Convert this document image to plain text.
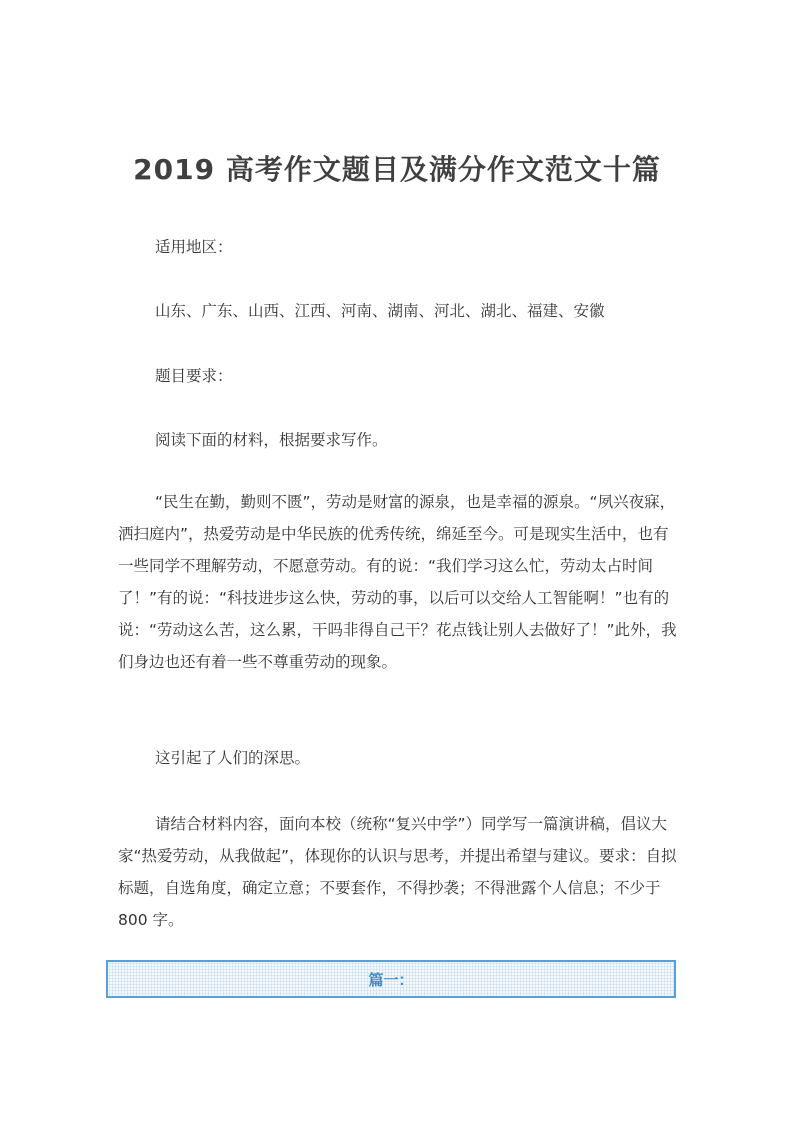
2019 高考作文题目及满分作文范文十篇

适用地区：

山东、广东、山西、江西、河南、湖南、河北、湖北、福建、安徽

题目要求：

阅读下面的材料，根据要求写作。

“民生在勤，勤则不匮”，劳动是财富的源泉，也是幸福的源泉。“夙兴夜寐，洒扫庭内”，热爱劳动是中华民族的优秀传统，绵延至今。可是现实生活中，也有一些同学不理解劳动，不愿意劳动。有的说：“我们学习这么忙，劳动太占时间了！”有的说：“科技进步这么快，劳动的事，以后可以交给人工智能啊！”也有的说：“劳动这么苦，这么累，干吗非得自己干？花点钱让别人去做好了！”此外，我们身边也还有着一些不尊重劳动的现象。

这引起了人们的深思。

请结合材料内容，面向本校（统称“复兴中学”）同学写一篇演讲稿，倡议大家“热爱劳动，从我做起”，体现你的认识与思考，并提出希望与建议。要求：自拟标题，自选角度，确定立意；不要套作，不得抄袭；不得泄露个人信息；不少于 800 字。

篇一：
